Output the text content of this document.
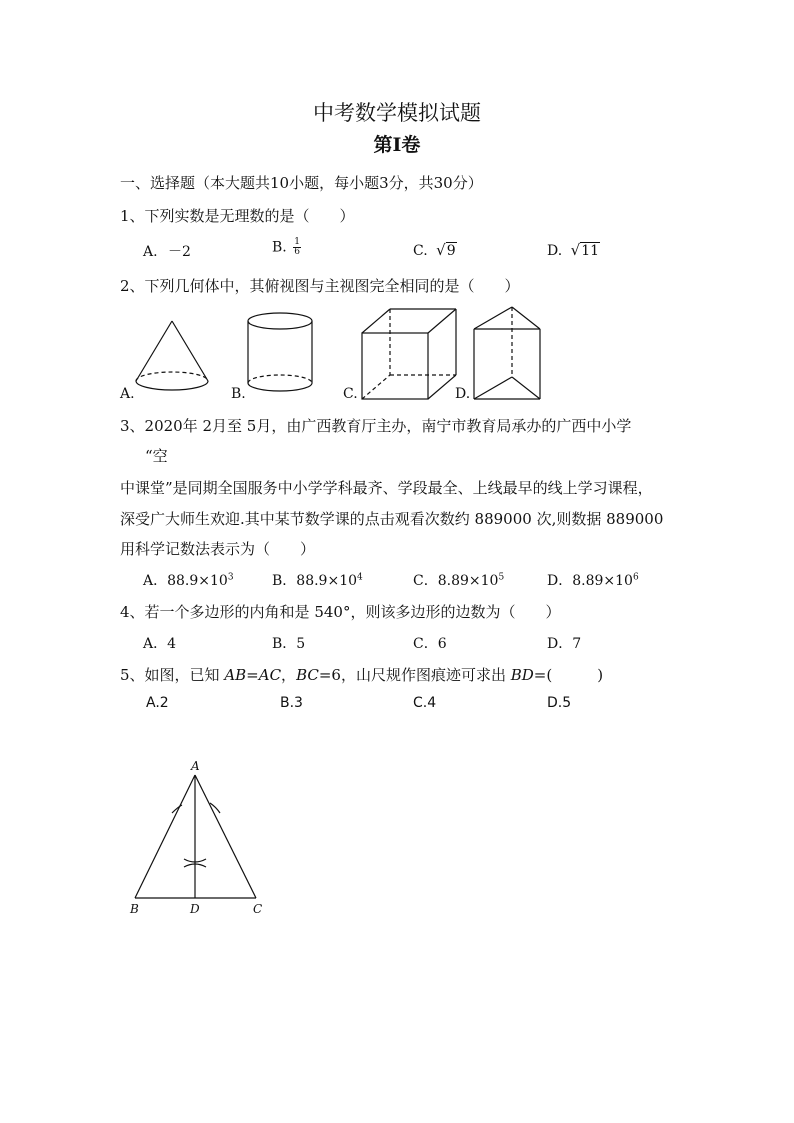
中考数学模拟试题
第Ⅰ卷
一、选择题（本大题共10小题，每小题3分，共30分）
1、下列实数是无理数的是（　　）
A. －2	B. $\frac{1}{6}$	C. √9	D. √11
2、下列几何体中，其俯视图与主视图完全相同的是（　　）
A.	B.	C.	D.
3、2020年 2月至 5月，由广西教育厅主办，南宁市教育局承办的广西中小学
“空
中课堂”是同期全国服务中小学学科最齐、学段最全、上线最早的线上学习课程，
深受广大师生欢迎.其中某节数学课的点击观看次数约 889000 次,则数据 889000
用科学记数法表示为（　　）
A．$88.9\times 10^3$	B．$88.9\times 10^4$	C．$8.89\times 10^5$	D．$8.89\times 10^6$
4、若一个多边形的内角和是 540°，则该多边形的边数为（　　）
A．4	B．5	C．6	D．7
5、如图，已知 AB=AC，BC=6，山尺规作图痕迹可求出 BD=(　　　)
A.2	B.3	C.4	D.5
A
B	D	C
